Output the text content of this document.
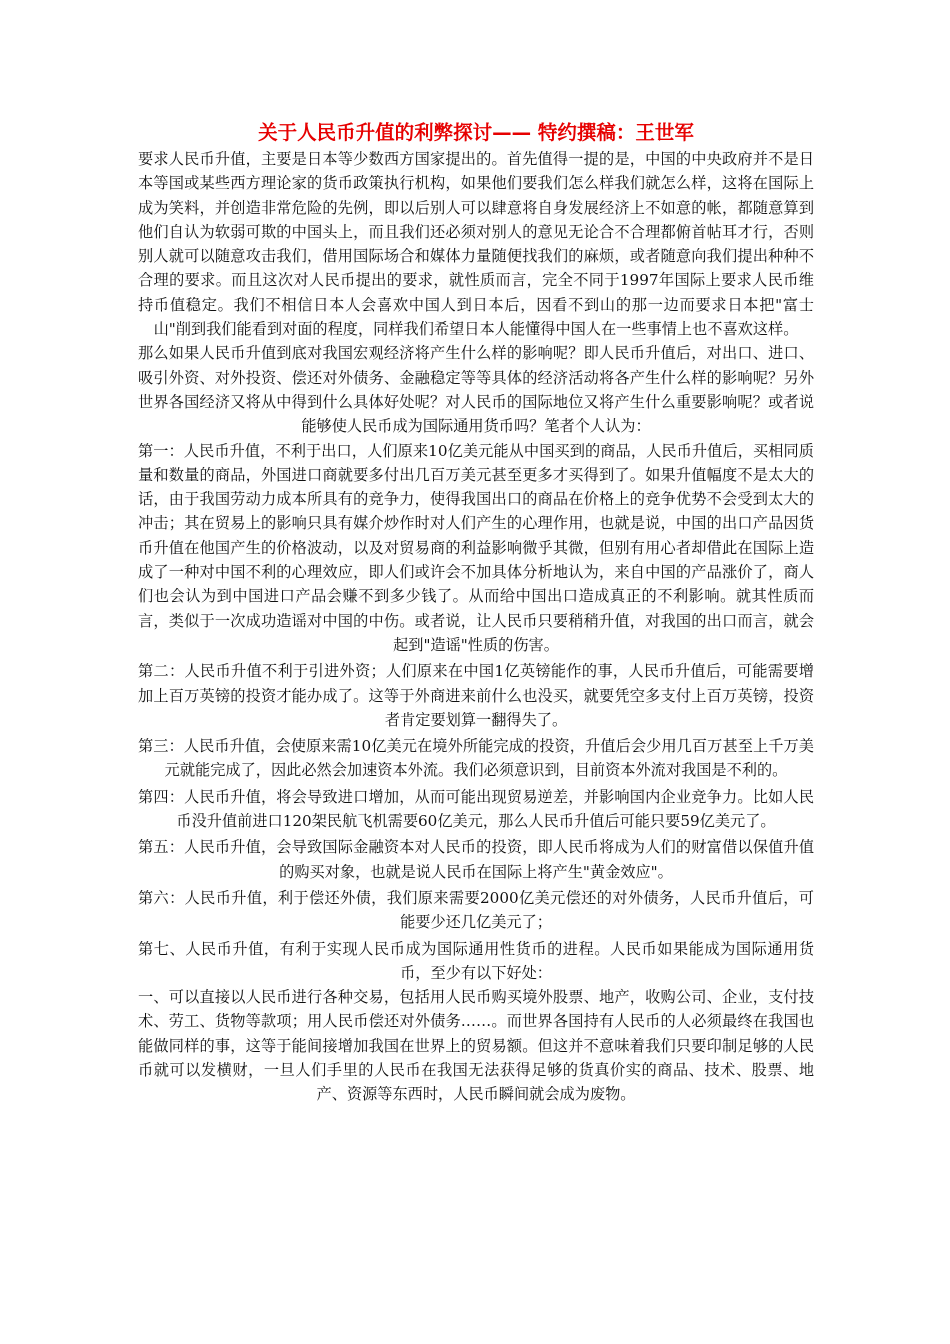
关于人民币升值的利弊探讨—— 特约撰稿：王世军

要求人民币升值，主要是日本等少数西方国家提出的。首先值得一提的是，中国的中央政府并不是日本等国或某些西方理论家的货币政策执行机构，如果他们要我们怎么样我们就怎么样，这将在国际上成为笑料，并创造非常危险的先例，即以后别人可以肆意将自身发展经济上不如意的帐，都随意算到他们自认为软弱可欺的中国头上，而且我们还必须对别人的意见无论合不合理都俯首帖耳才行，否则别人就可以随意攻击我们，借用国际场合和媒体力量随便找我们的麻烦，或者随意向我们提出种种不合理的要求。而且这次对人民币提出的要求，就性质而言，完全不同于1997年国际上要求人民币维持币值稳定。我们不相信日本人会喜欢中国人到日本后，因看不到山的那一边而要求日本把"富士山"削到我们能看到对面的程度，同样我们希望日本人能懂得中国人在一些事情上也不喜欢这样。

那么如果人民币升值到底对我国宏观经济将产生什么样的影响呢？即人民币升值后，对出口、进口、吸引外资、对外投资、偿还对外债务、金融稳定等等具体的经济活动将各产生什么样的影响呢？另外世界各国经济又将从中得到什么具体好处呢？对人民币的国际地位又将产生什么重要影响呢？或者说能够使人民币成为国际通用货币吗？笔者个人认为：

第一：人民币升值，不利于出口，人们原来10亿美元能从中国买到的商品，人民币升值后，买相同质量和数量的商品，外国进口商就要多付出几百万美元甚至更多才买得到了。如果升值幅度不是太大的话，由于我国劳动力成本所具有的竞争力，使得我国出口的商品在价格上的竞争优势不会受到太大的冲击；其在贸易上的影响只具有媒介炒作时对人们产生的心理作用，也就是说，中国的出口产品因货币升值在他国产生的价格波动，以及对贸易商的利益影响微乎其微，但别有用心者却借此在国际上造成了一种对中国不利的心理效应，即人们或许会不加具体分析地认为，来自中国的产品涨价了，商人们也会认为到中国进口产品会赚不到多少钱了。从而给中国出口造成真正的不利影响。就其性质而言，类似于一次成功造谣对中国的中伤。或者说，让人民币只要稍稍升值，对我国的出口而言，就会起到"造谣"性质的伤害。

第二：人民币升值不利于引进外资；人们原来在中国1亿英镑能作的事，人民币升值后，可能需要增加上百万英镑的投资才能办成了。这等于外商进来前什么也没买，就要凭空多支付上百万英镑，投资者肯定要划算一翻得失了。

第三：人民币升值，会使原来需10亿美元在境外所能完成的投资，升值后会少用几百万甚至上千万美元就能完成了，因此必然会加速资本外流。我们必须意识到，目前资本外流对我国是不利的。

第四：人民币升值，将会导致进口增加，从而可能出现贸易逆差，并影响国内企业竞争力。比如人民币没升值前进口120架民航飞机需要60亿美元，那么人民币升值后可能只要59亿美元了。

第五：人民币升值，会导致国际金融资本对人民币的投资，即人民币将成为人们的财富借以保值升值的购买对象，也就是说人民币在国际上将产生"黄金效应"。

第六：人民币升值，利于偿还外债，我们原来需要2000亿美元偿还的对外债务，人民币升值后，可能要少还几亿美元了；

第七、人民币升值，有利于实现人民币成为国际通用性货币的进程。人民币如果能成为国际通用货币，至少有以下好处：

一、可以直接以人民币进行各种交易，包括用人民币购买境外股票、地产，收购公司、企业，支付技术、劳工、货物等款项；用人民币偿还对外债务……。而世界各国持有人民币的人必须最终在我国也能做同样的事，这等于能间接增加我国在世界上的贸易额。但这并不意味着我们只要印制足够的人民币就可以发横财，一旦人们手里的人民币在我国无法获得足够的货真价实的商品、技术、股票、地产、资源等东西时，人民币瞬间就会成为废物。
